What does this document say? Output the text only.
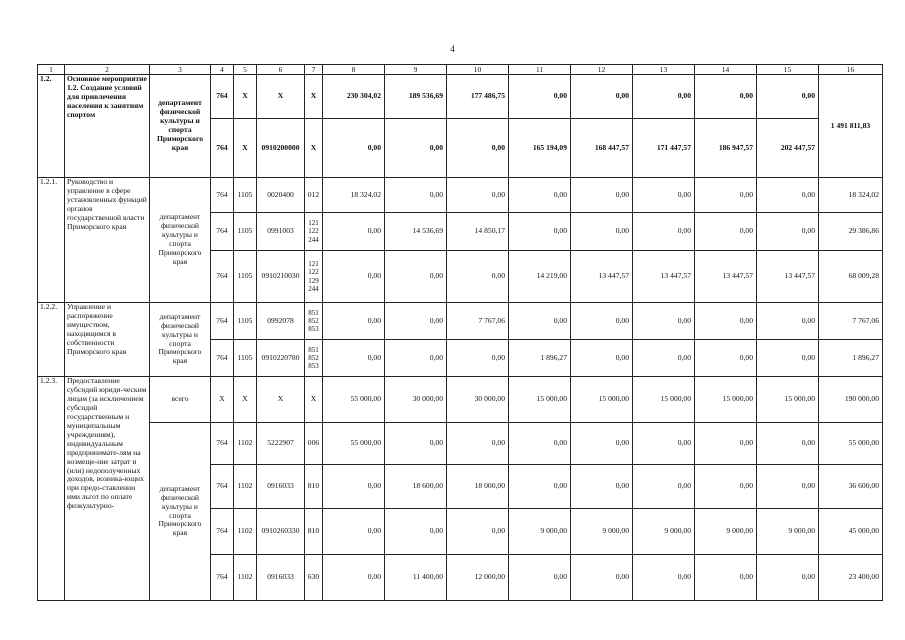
4
1	2	3	4	5	6	7	8	9	10	11	12	13	14	15	16
1.2.	Основное мероприятие 1.2. Создание условий для привлечения населения к занятиям спортом	департамент физической культуры и спорта Приморского края	764	Х	Х	Х	230 304,02	189 536,69	177 486,75	0,00	0,00	0,00	0,00	0,00	1 491 811,83
			764	Х	0910200000	Х	0,00	0,00	0,00	165 194,09	168 447,57	171 447,57	186 947,57	202 447,57	
1.2.1.	Руководство и управление в сфере установленных функций органов государственной власти Приморского края	департамент физической культуры и спорта Приморского края	764	1105	0020400	012	18 324,02	0,00	0,00	0,00	0,00	0,00	0,00	0,00	18 324,02
			764	1105	0991003	121 122 244	0,00	14 536,69	14 850,17	0,00	0,00	0,00	0,00	0,00	29 386,86
			764	1105	0910210030	121 122 129 244	0,00	0,00	0,00	14 219,00	13 447,57	13 447,57	13 447,57	13 447,57	68 009,28
1.2.2.	Управление и распоряжение имуществом, находящимся в собственности Приморского края	департамент физической культуры и спорта Приморского края	764	1105	0992078	851 852 853	0,00	0,00	7 767,06	0,00	0,00	0,00	0,00	0,00	7 767,06
			764	1105	0910220780	851 852 853	0,00	0,00	0,00	1 896,27	0,00	0,00	0,00	0,00	1 896,27
1.2.3.	Предоставление субсидий юриди-ческим лицам (за исключением субсидий государственным и муниципальным учреждениям), индивидуальным предпринимате-лям на возмеще-ние затрат и (или) недополученных доходов, возника-ющих при предо-ставлении ими льгот по оплате физкультурно-	всего	Х	Х	Х	Х	55 000,00	30 000,00	30 000,00	15 000,00	15 000,00	15 000,00	15 000,00	15 000,00	190 000,00
		департамент физической культуры и спорта Приморского края	764	1102	5222907	006	55 000,00	0,00	0,00	0,00	0,00	0,00	0,00	0,00	55 000,00
			764	1102	0916033	810	0,00	18 600,00	18 000,00	0,00	0,00	0,00	0,00	0,00	36 600,00
			764	1102	0910260330	810	0,00	0,00	0,00	9 000,00	9 000,00	9 000,00	9 000,00	9 000,00	45 000,00
			764	1102	0916033	630	0,00	11 400,00	12 000,00	0,00	0,00	0,00	0,00	0,00	23 400,00
